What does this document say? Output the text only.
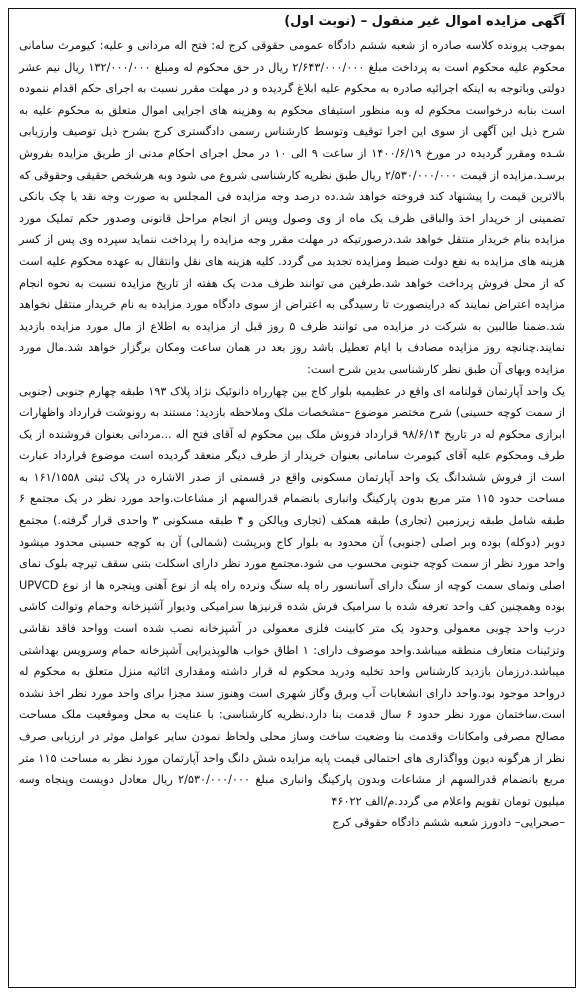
آگهی مزایده اموال غیر منقول – (نوبت اول)
بموجب پرونده کلاسه صادره از شعبه ششم دادگاه عمومی حقوقی کرج له: فتح اله مردانی و علیه: کیومرث سامانی محکوم علیه محکوم است به پرداخت مبلغ ۲/۶۴۳/۰۰۰/۰۰۰ ریال در حق محکوم له ومبلغ ۱۳۲/۰۰۰/۰۰۰ ریال نیم عشر دولتی وباتوجه به اینکه اجرائیه صادره به محکوم علیه ابلاغ گردیده و در مهلت مقرر نسبت به اجرای حکم اقدام ننموده است بنابه درخواست محکوم له وبه منظور استیفای محکوم به وهزینه های اجرایی اموال متعلق به محکوم علیه به شرح ذیل این آگهی از سوی این اجرا توقیف وتوسط کارشناس رسمی دادگستری کرج بشرح ذیل توصیف وارزیابی شـده ومقرر گردیده در مورخ ۱۴۰۰/۶/۱۹ از ساعت ۹ الی ۱۰ در محل اجرای احکام مدنی از طریق مزایده بفروش برسـد.مزایده از قیمت ۲/۵۳۰/۰۰۰/۰۰۰ ریال طبق نظریه کارشناسی شروع می شود وبه هرشخص حقیقی وحقوقی که بالاترین قیمت را پیشنهاد کند فروخته خواهد شد.ده درصد وجه مزایده فی المجلس به صورت وجه نقد یا چک بانکی تضمینی از خریدار اخذ والباقی ظرف یک ماه از وی وصول وپس از انجام مراحل قانونی وصدور حکم تملیک مورد مزایده بنام خریدار منتقل خواهد شد.درصورتیکه در مهلت مقرر وجه مزایده را پرداخت ننماید سپرده وی پس از کسر هزینه های مزایده به نفع دولت ضبط ومزایده تجدید می گردد. کلیه هزینه های نقل وانتقال به عهده محکوم علیه است که از محل فروش پرداخت خواهد شد.طرفین می توانند ظرف مدت یک هفته از تاریخ مزایده نسبت به نحوه انجام مزایده اعتراض نمایند که دراینصورت تا رسیدگی به اعتراض از سوی دادگاه مورد مزایده به نام خریدار منتقل نخواهد شد.ضمنا طالبین به شرکت در مزایده می توانند ظرف ۵ روز قبل از مزایده به اطلاع از مال مورد مزایده بازدید نمایند.چنانچه روز مزایده مصادف با ایام تعطیل باشد روز بعد در همان ساعت ومکان برگزار خواهد شد.مال مورد مزایده وبهای آن طبق نظر کارشناسی بدین شرح است:
یک واحد آپارتمان قولنامه ای واقع در عظیمیه بلوار کاج بین چهارراه دانوئیک نژاد پلاک ۱۹۳ طبقه چهارم جنوبی (جنوبی از سمت کوچه حسینی) شرح مختصر موضوع –مشخصات ملک وملاحظه بازدید: مستند به رونوشت قرارداد واظهارات ابرازی محکوم له در تاریخ ۹۸/۶/۱۴ قرارداد فروش ملک بین محکوم له آقای فتح اله ...مردانی بعنوان فروشنده از یک طرف ومحکوم علیه آقای کیومرث سامانی بعنوان خریدار از طرف دیگر منعقد گردیده است موضوع قرارداد عبارت است از فروش ششدانگ یک واحد آپارتمان مسکونی واقع در قسمتی از صدر الاشاره در پلاک ثبتی ۱۶۱/۱۵۵۸ به مساحت حدود ۱۱۵ متر مربع بدون پارکینگ وانباری بانضمام قدرالسهم از مشاعات.واحد مورد نظر در یک مجتمع ۶ طبقه شامل طبقه زیرزمین (تجاری) طبقه همکف (تجاری وپالکن و ۴ طبقه مسکونی ۳ واحدی قرار گرفته.) مجتمع دوبر (دوکله) بوده وبر اصلی (جنوبی) آن محدود به بلوار کاج وبرپشت (شمالی) آن به کوچه حسینی محدود میشود واحد مورد نظر از سمت کوچه جنوبی محسوب می شود.مجتمع مورد نظر دارای اسکلت بتنی سقف تیرچه بلوک نمای اصلی ونمای سمت کوچه از سنگ دارای آسانسور راه پله سنگ ونرده راه پله از نوع آهنی وپنجره ها از نوع UPVCD بوده وهمچنین کف واحد تعرفه شده با سرامیک فرش شده قرنیزها سرامیکی ودیوار آشپزخانه وحمام وتوالت کاشی درب واحد چوبی معمولی وحدود یک متر کابینت فلزی معمولی در آشپزخانه نصب شده است وواحد فاقد نقاشی وتزئینات متعارف منطقه میباشد.واحد موصوف دارای: ۱ اطاق خواب هالوپذیرایی آشپزخانه حمام وسرویس بهداشتی میباشد.درزمان بازدید کارشناس واحد تخلیه ودرید محکوم له قرار داشته ومقداری اثاثیه منزل متعلق به محکوم له درواحد موجود بود.واحد دارای انشعابات آب وبرق وگاز شهری است وهنوز سند مجزا برای واحد مورد نظر اخذ نشده است.ساختمان مورد نظر حدود ۶ سال قدمت بنا دارد.نظریه کارشناسی: با عنایت به محل وموقعیت ملک مساحت مصالح مصرفی وامکانات وقدمت بنا وضعیت ساخت وساز محلی ولحاظ نمودن سایر عوامل موثر در ارزیابی صرف نظر از هرگونه دیون وواگذاری های احتمالی قیمت پایه مزایده شش دانگ واحد آپارتمان مورد نظر به مساحت ۱۱۵ متر مربع بانضمام قدرالسهم از مشاعات وبدون پارکینگ وانباری مبلغ ۲/۵۳۰/۰۰۰/۰۰۰ ریال معادل دویست وپنجاه وسه میلیون تومان تقویم واعلام می گردد.م/الف ۴۶۰۲۲
–صحرایی– دادورز شعبه ششم دادگاه حقوقی کرج
